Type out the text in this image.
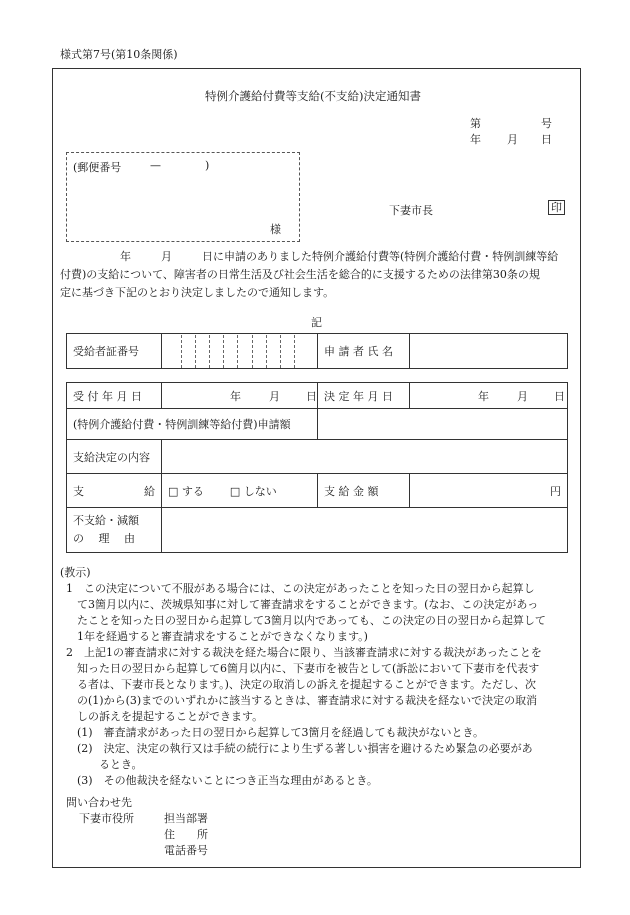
様式第7号(第10条関係)
特例介護給付費等支給(不支給)決定通知書
第	号
年 月 日
(郵便番号	—	)
様
下妻市長	印
年	月	日に申請のありました特例介護給付費等(特例介護給付費・特例訓練等給
付費)の支給について、障害者の日常生活及び社会生活を総合的に支援するための法律第30条の規
定に基づき下記のとおり決定しましたので通知します。
記
受給者証番号		申 請 者 氏 名	
受 付 年 月 日	年 月 日	決 定 年 月 日	年 月 日
(特例介護給付費・特例訓練等給付費)申請額			
支給決定の内容			
支 給	□ する □ しない	支 給 金 額	円

不支給・減額
の　 理　 由			

(教示)

1　この決定について不服がある場合には、この決定があったことを知った日の翌日から起算し

　て3箇月以内に、茨城県知事に対して審査請求をすることができます。(なお、この決定があっ

　たことを知った日の翌日から起算して3箇月以内であっても、この決定の日の翌日から起算して

　1年を経過すると審査請求をすることができなくなります。)

2　上記1の審査請求に対する裁決を経た場合に限り、当該審査請求に対する裁決があったことを

　知った日の翌日から起算して6箇月以内に、下妻市を被告として(訴訟において下妻市を代表す

　る者は、下妻市長となります。)、決定の取消しの訴えを提起することができます。ただし、次

　の(1)から(3)までのいずれかに該当するときは、審査請求に対する裁決を経ないで決定の取消

　しの訴えを提起することができます。

　(1)　審査請求があった日の翌日から起算して3箇月を経過しても裁決がないとき。

　(2)　決定、決定の執行又は手続の続行により生ずる著しい損害を避けるため緊急の必要があ

　　　るとき。

　(3)　その他裁決を経ないことにつき正当な理由があるとき。

問い合わせ先
下妻市役所	担当部署
住　　所
電話番号
